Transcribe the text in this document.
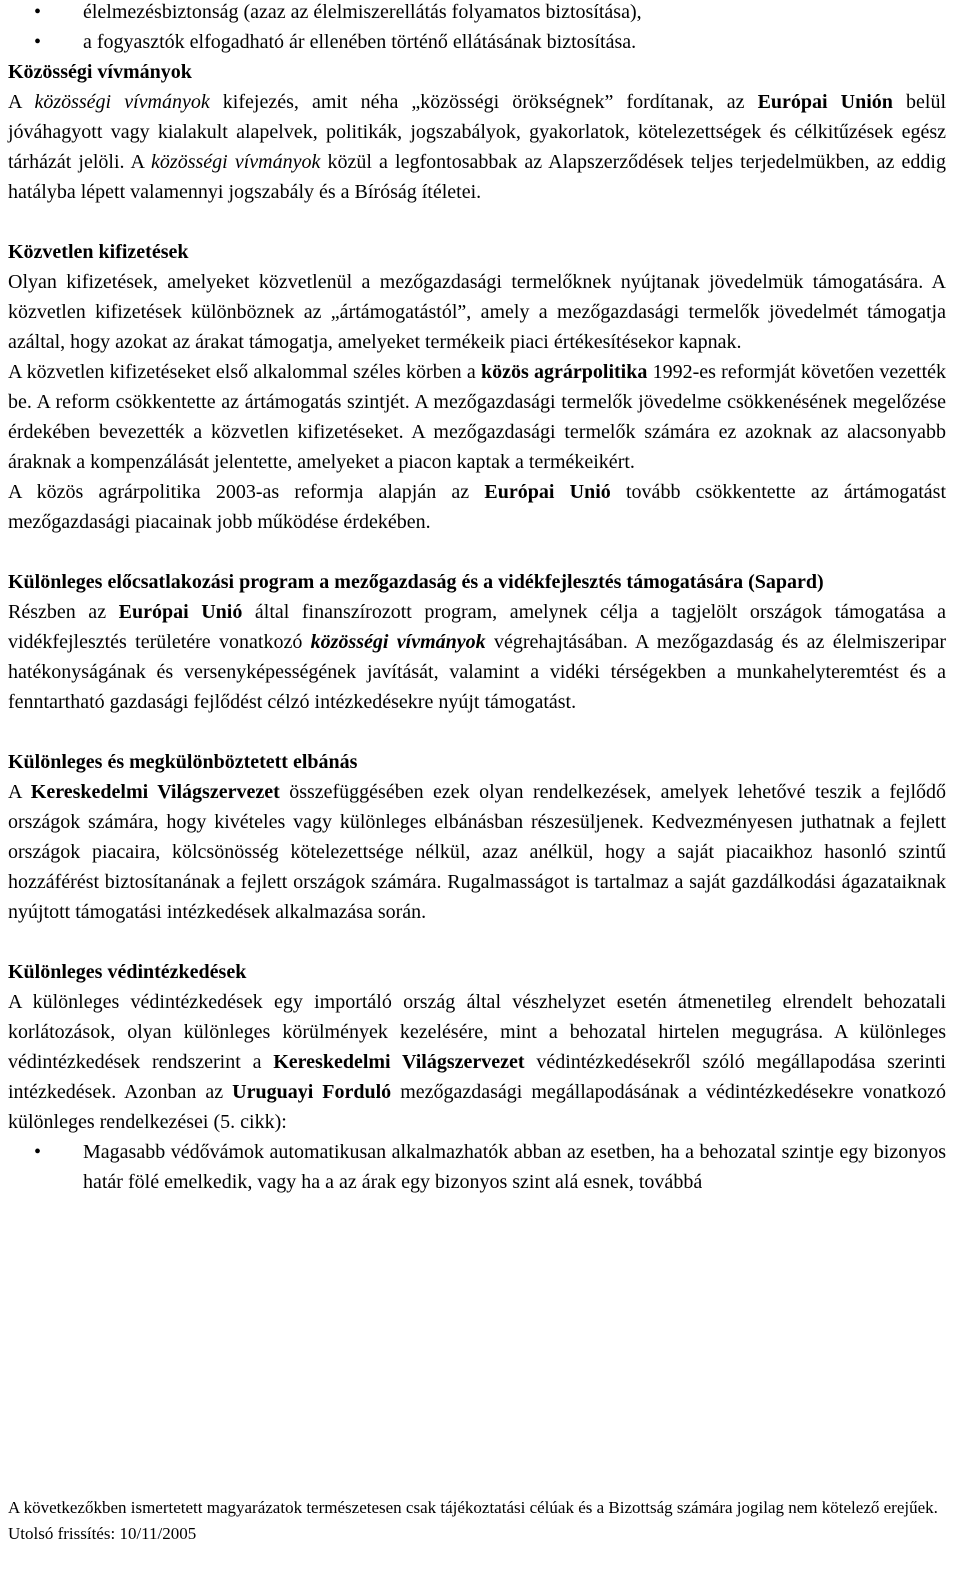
• élelmezésbiztonság (azaz az élelmiszerellátás folyamatos biztosítása),
• a fogyasztók elfogadható ár ellenében történő ellátásának biztosítása.
Közösségi vívmányok

A közösségi vívmányok kifejezés, amit néha „közösségi örökségnek” fordítanak, az Európai Unión belül jóváhagyott vagy kialakult alapelvek, politikák, jogszabályok, gyakorlatok, kötelezettségek és célkitűzések egész tárházát jelöli. A közösségi vívmányok közül a legfontosabbak az Alapszerződések teljes terjedelmükben, az eddig hatályba lépett valamennyi jogszabály és a Bíróság ítéletei.

Közvetlen kifizetések

Olyan kifizetések, amelyeket közvetlenül a mezőgazdasági termelőknek nyújtanak jövedelmük támogatására. A közvetlen kifizetések különböznek az „ártámogatástól”, amely a mezőgazdasági termelők jövedelmét támogatja azáltal, hogy azokat az árakat támogatja, amelyeket termékeik piaci értékesítésekor kapnak.

A közvetlen kifizetéseket első alkalommal széles körben a közös agrárpolitika 1992-es reformját követően vezették be. A reform csökkentette az ártámogatás szintjét. A mezőgazdasági termelők jövedelme csökkenésének megelőzése érdekében bevezették a közvetlen kifizetéseket. A mezőgazdasági termelők számára ez azoknak az alacsonyabb áraknak a kompenzálását jelentette, amelyeket a piacon kaptak a termékeikért.

A közös agrárpolitika 2003-as reformja alapján az Európai Unió tovább csökkentette az ártámogatást mezőgazdasági piacainak jobb működése érdekében.

Különleges előcsatlakozási program a mezőgazdaság és a vidékfejlesztés támogatására (Sapard)

Részben az Európai Unió által finanszírozott program, amelynek célja a tagjelölt országok támogatása a vidékfejlesztés területére vonatkozó közösségi vívmányok végrehajtásában. A mezőgazdaság és az élelmiszeripar hatékonyságának és versenyképességének javítását, valamint a vidéki térségekben a munkahelyteremtést és a fenntartható gazdasági fejlődést célzó intézkedésekre nyújt támogatást.

Különleges és megkülönböztetett elbánás

A Kereskedelmi Világszervezet összefüggésében ezek olyan rendelkezések, amelyek lehetővé teszik a fejlődő országok számára, hogy kivételes vagy különleges elbánásban részesüljenek. Kedvezményesen juthatnak a fejlett országok piacaira, kölcsönösség kötelezettsége nélkül, azaz anélkül, hogy a saját piacaikhoz hasonló szintű hozzáférést biztosítanának a fejlett országok számára. Rugalmasságot is tartalmaz a saját gazdálkodási ágazataiknak nyújtott támogatási intézkedések alkalmazása során.

Különleges védintézkedések

A különleges védintézkedések egy importáló ország által vészhelyzet esetén átmenetileg elrendelt behozatali korlátozások, olyan különleges körülmények kezelésére, mint a behozatal hirtelen megugrása. A különleges védintézkedések rendszerint a Kereskedelmi Világszervezet védintézkedésekről szóló megállapodása szerinti intézkedések. Azonban az Uruguayi Forduló mezőgazdasági megállapodásának a védintézkedésekre vonatkozó különleges rendelkezései (5. cikk):

• Magasabb védővámok automatikusan alkalmazhatók abban az esetben, ha a behozatal szintje egy bizonyos határ fölé emelkedik, vagy ha a az árak egy bizonyos szint alá esnek, továbbá

A következőkben ismertetett magyarázatok természetesen csak tájékoztatási célúak és a Bizottság számára jogilag nem kötelező erejűek.

Utolsó frissítés: 10/11/2005
